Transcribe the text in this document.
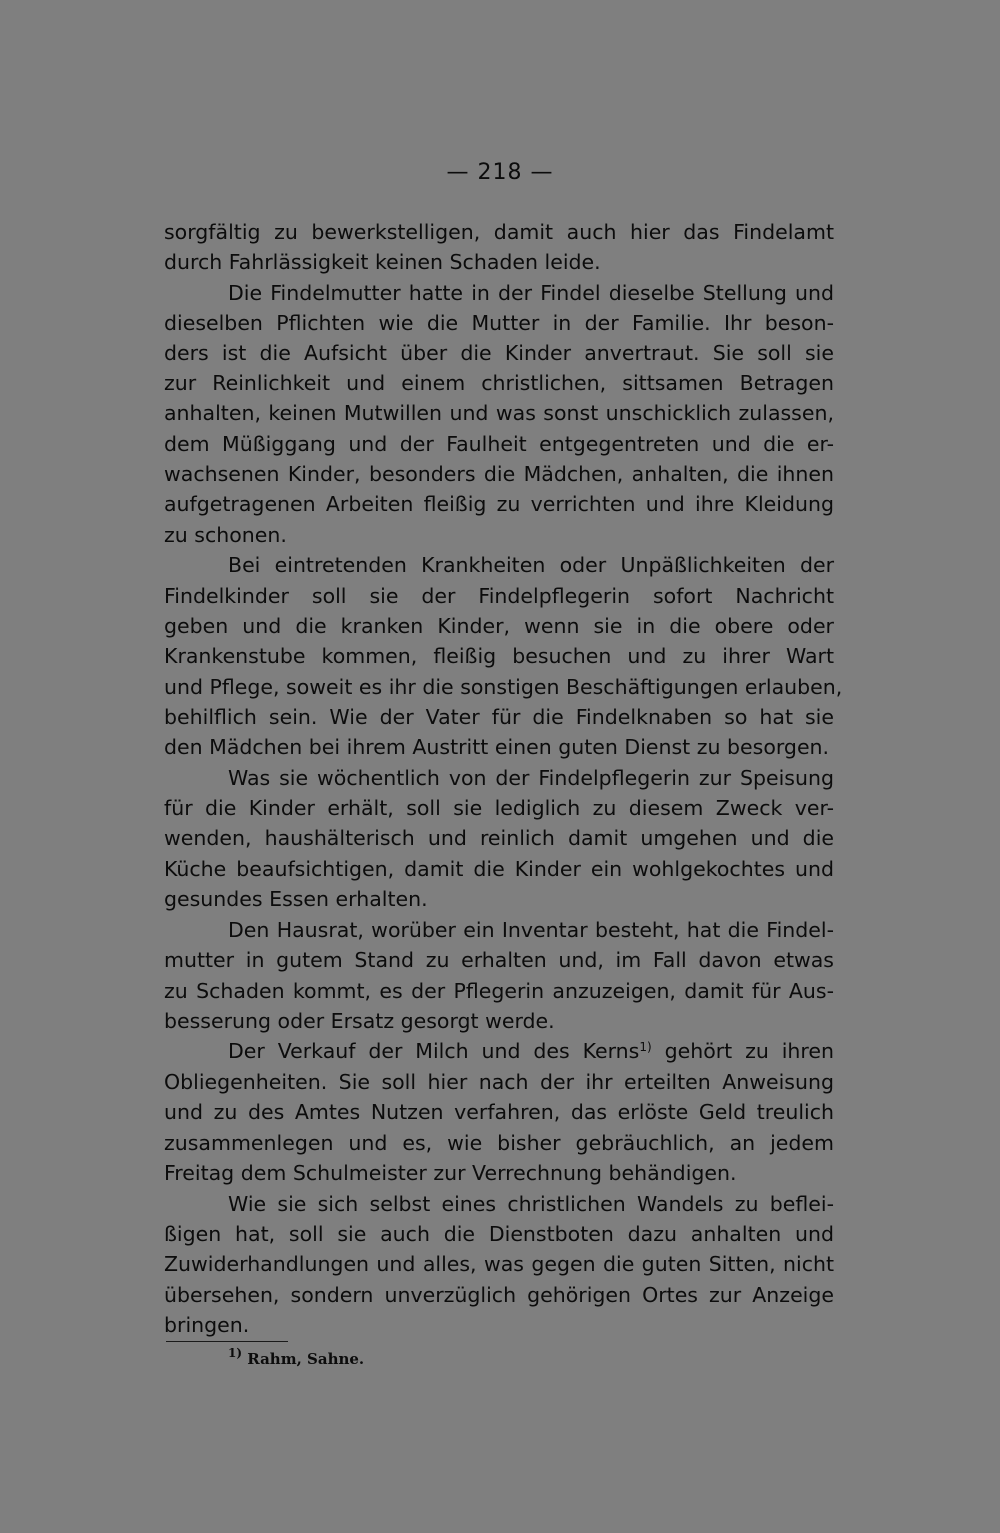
— 218 —
sorgfältig zu bewerkstelligen, damit auch hier das Findelamt
durch Fahrlässigkeit keinen Schaden leide.
Die Findelmutter hatte in der Findel dieselbe Stellung und
dieselben Pflichten wie die Mutter in der Familie. Ihr beson-
ders ist die Aufsicht über die Kinder anvertraut. Sie soll sie
zur Reinlichkeit und einem christlichen, sittsamen Betragen
anhalten, keinen Mutwillen und was sonst unschicklich zulassen,
dem Müßiggang und der Faulheit entgegentreten und die er-
wachsenen Kinder, besonders die Mädchen, anhalten, die ihnen
aufgetragenen Arbeiten fleißig zu verrichten und ihre Kleidung
zu schonen.
Bei eintretenden Krankheiten oder Unpäßlichkeiten der
Findelkinder soll sie der Findelpflegerin sofort Nachricht
geben und die kranken Kinder, wenn sie in die obere oder
Krankenstube kommen, fleißig besuchen und zu ihrer Wart
und Pflege, soweit es ihr die sonstigen Beschäftigungen erlauben,
behilflich sein. Wie der Vater für die Findelknaben so hat sie
den Mädchen bei ihrem Austritt einen guten Dienst zu besorgen.
Was sie wöchentlich von der Findelpflegerin zur Speisung
für die Kinder erhält, soll sie lediglich zu diesem Zweck ver-
wenden, haushälterisch und reinlich damit umgehen und die
Küche beaufsichtigen, damit die Kinder ein wohlgekochtes und
gesundes Essen erhalten.
Den Hausrat, worüber ein Inventar besteht, hat die Findel-
mutter in gutem Stand zu erhalten und, im Fall davon etwas
zu Schaden kommt, es der Pflegerin anzuzeigen, damit für Aus-
besserung oder Ersatz gesorgt werde.
Der Verkauf der Milch und des Kerns$^{1)}$ gehört zu ihren
Obliegenheiten. Sie soll hier nach der ihr erteilten Anweisung
und zu des Amtes Nutzen verfahren, das erlöste Geld treulich
zusammenlegen und es, wie bisher gebräuchlich, an jedem
Freitag dem Schulmeister zur Verrechnung behändigen.
Wie sie sich selbst eines christlichen Wandels zu beflei-
ßigen hat, soll sie auch die Dienstboten dazu anhalten und
Zuwiderhandlungen und alles, was gegen die guten Sitten, nicht
übersehen, sondern unverzüglich gehörigen Ortes zur Anzeige
bringen.
$^{1)}$ Rahm, Sahne.
